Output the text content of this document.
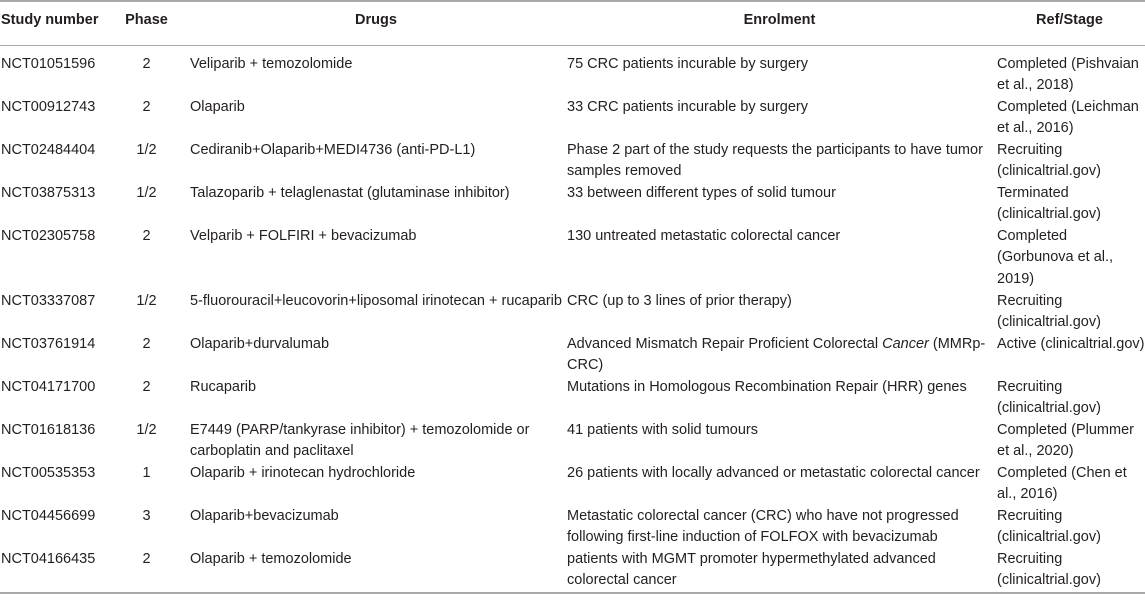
Study number	Phase	Drugs	Enrolment	Ref/Stage
NCT01051596	2	Veliparib + temozolomide	75 CRC patients incurable by surgery	Completed (Pishvaian et al., 2018)
NCT00912743	2	Olaparib	33 CRC patients incurable by surgery	Completed (Leichman et al., 2016)
NCT02484404	1/2	Cediranib+Olaparib+MEDI4736 (anti-PD-L1)	Phase 2 part of the study requests the participants to have tumor samples removed	Recruiting (clinicaltrial.gov)
NCT03875313	1/2	Talazoparib + telaglenastat (glutaminase inhibitor)	33 between different types of solid tumour	Terminated (clinicaltrial.gov)
NCT02305758	2	Velparib + FOLFIRI + bevacizumab	130 untreated metastatic colorectal cancer	Completed (Gorbunova et al., 2019)
NCT03337087	1/2	5-fluorouracil+leucovorin+liposomal irinotecan + rucaparib	CRC (up to 3 lines of prior therapy)	Recruiting (clinicaltrial.gov)
NCT03761914	2	Olaparib+durvalumab	Advanced Mismatch Repair Proficient Colorectal Cancer (MMRp-CRC)	Active (clinicaltrial.gov)
NCT04171700	2	Rucaparib	Mutations in Homologous Recombination Repair (HRR) genes	Recruiting (clinicaltrial.gov)
NCT01618136	1/2	E7449 (PARP/tankyrase inhibitor) + temozolomide or carboplatin and paclitaxel	41 patients with solid tumours	Completed (Plummer et al., 2020)
NCT00535353	1	Olaparib + irinotecan hydrochloride	26 patients with locally advanced or metastatic colorectal cancer	Completed (Chen et al., 2016)
NCT04456699	3	Olaparib+bevacizumab	Metastatic colorectal cancer (CRC) who have not progressed following first-line induction of FOLFOX with bevacizumab	Recruiting (clinicaltrial.gov)
NCT04166435	2	Olaparib + temozolomide	patients with MGMT promoter hypermethylated advanced colorectal cancer	Recruiting (clinicaltrial.gov)
